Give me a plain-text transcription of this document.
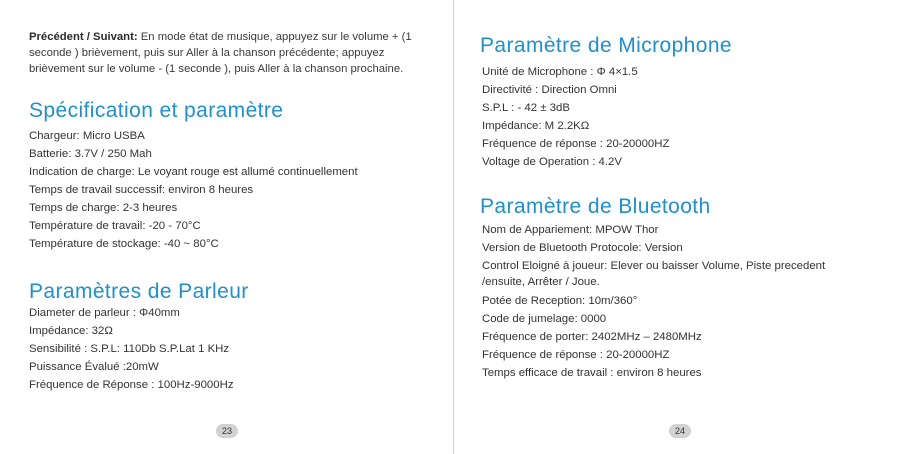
Précédent / Suivant: En mode état de musique, appuyez sur le volume + (1 seconde ) brièvement, puis sur Aller à la chanson précédente; appuyez brièvement sur le volume - (1 seconde ), puis Aller à la chanson prochaine.

Spécification et paramètre
Chargeur: Micro USBA
Batterie: 3.7V / 250 Mah
Indication de charge: Le voyant rouge est allumé continuellement
Temps de travail successif: environ 8 heures
Temps de charge: 2-3 heures
Température de travail: -20 - 70°C
Température de stockage: -40 ~ 80°C
Paramètres de Parleur
Diameter de parleur : Φ40mm
Impédance: 32Ω
Sensibilité : S.P.L: 110Db S.P.Lat 1 KHz
Puissance Évalué :20mW
Fréquence de Réponse : 100Hz-9000Hz
23
Paramètre de Microphone
Unité de Microphone : Φ 4×1.5
Directivité : Direction Omni
S.P.L : - 42 ± 3dB
Impédance: M 2.2KΩ
Fréquence de réponse : 20-20000HZ
Voltage de Operation : 4.2V
Paramètre de Bluetooth
Nom de Appariement: MPOW Thor
Version de Bluetooth Protocole: Version
Control Eloigné à joueur: Elever ou baisser Volume, Piste precedent /ensuite, Arrêter / Joue.
Potée de Reception: 10m/360°
Code de jumelage: 0000
Fréquence de porter: 2402MHz – 2480MHz
Fréquence de réponse : 20-20000HZ
Temps efficace de travail : environ 8 heures
24
